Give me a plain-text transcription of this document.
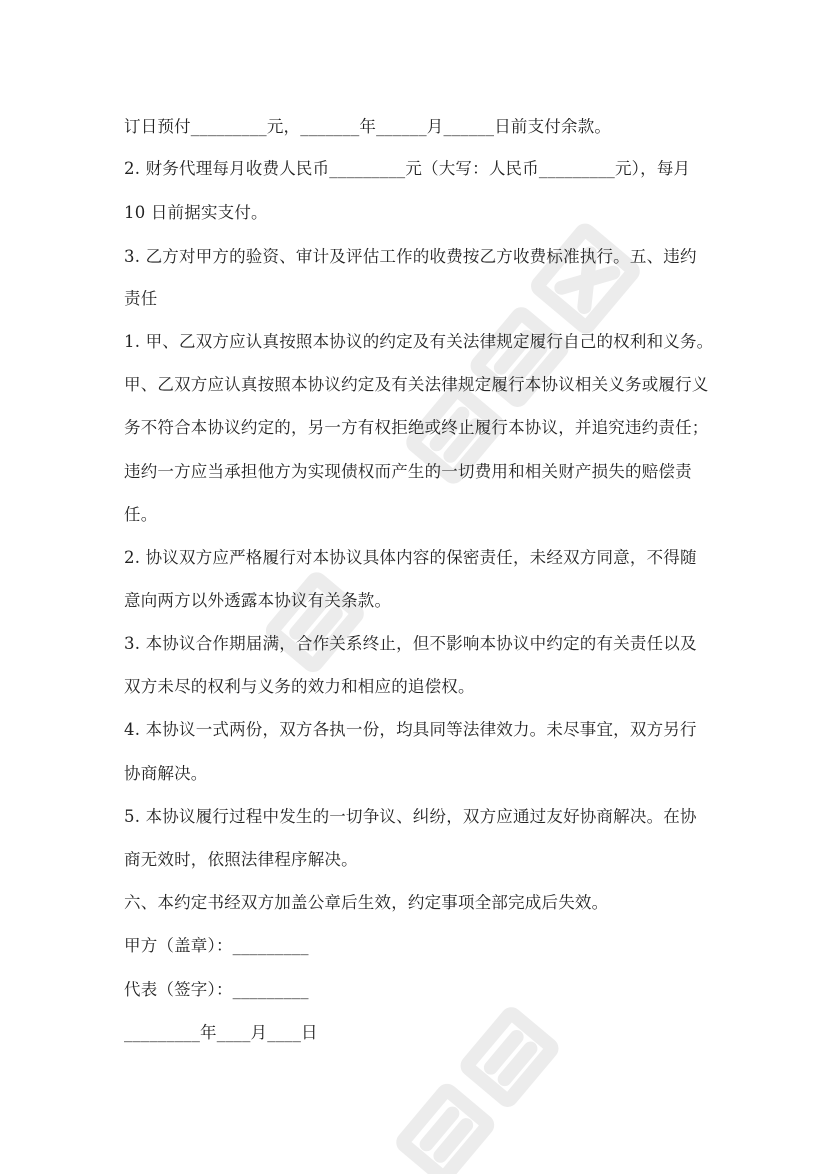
订日预付_________元，_______年______月______日前支付余款。
2. 财务代理每月收费人民币_________元（大写：人民币_________元），每月
10 日前据实支付。
3. 乙方对甲方的验资、审计及评估工作的收费按乙方收费标准执行。五、违约
责任
1. 甲、乙双方应认真按照本协议的约定及有关法律规定履行自己的权利和义务。
甲、乙双方应认真按照本协议约定及有关法律规定履行本协议相关义务或履行义
务不符合本协议约定的，另一方有权拒绝或终止履行本协议，并追究违约责任；
违约一方应当承担他方为实现债权而产生的一切费用和相关财产损失的赔偿责
任。
2. 协议双方应严格履行对本协议具体内容的保密责任，未经双方同意，不得随
意向两方以外透露本协议有关条款。
3. 本协议合作期届满，合作关系终止，但不影响本协议中约定的有关责任以及
双方未尽的权利与义务的效力和相应的追偿权。
4. 本协议一式两份，双方各执一份，均具同等法律效力。未尽事宜，双方另行
协商解决。
5. 本协议履行过程中发生的一切争议、纠纷，双方应通过友好协商解决。在协
商无效时，依照法律程序解决。
六、本约定书经双方加盖公章后生效，约定事项全部完成后失效。
甲方（盖章）：_________
代表（签字）：_________
_________年____月____日
